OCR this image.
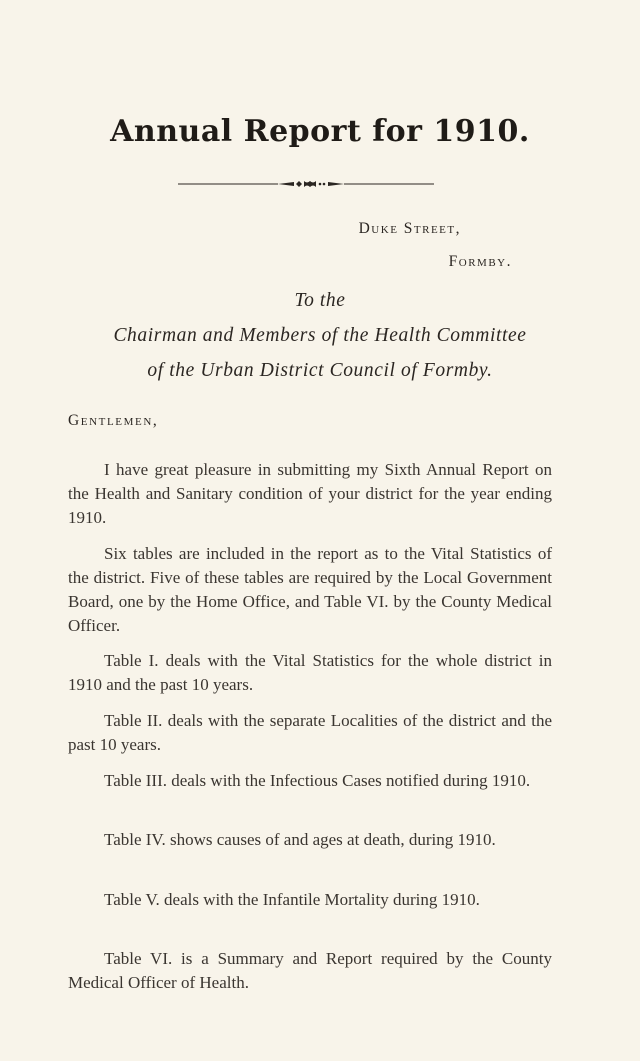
Annual Report for 1910.
Duke Street,
Formby.
To the
Chairman and Members of the Health Committee
of the Urban District Council of Formby.
Gentlemen,

I have great pleasure in submitting my Sixth Annual Report on the Health and Sanitary condition of your district for the year ending 1910.

Six tables are included in the report as to the Vital Statistics of the district. Five of these tables are required by the Local Government Board, one by the Home Office, and Table VI. by the County Medical Officer.

Table I. deals with the Vital Statistics for the whole district in 1910 and the past 10 years.

Table II. deals with the separate Localities of the district and the past 10 years.

Table III. deals with the Infectious Cases notified during 1910.

Table IV. shows causes of and ages at death, during 1910.

Table V. deals with the Infantile Mortality during 1910.

Table VI. is a Summary and Report required by the County Medical Officer of Health.
